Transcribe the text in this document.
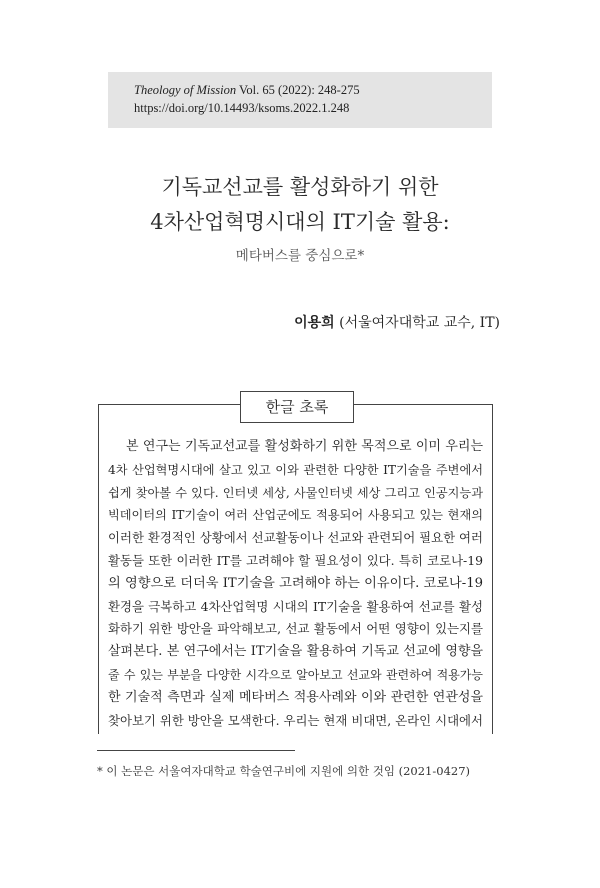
Theology of Mission Vol. 65 (2022): 248-275
https://doi.org/10.14493/ksoms.2022.1.248
기독교선교를 활성화하기 위한
4차산업혁명시대의 IT기술 활용:
메타버스를 중심으로*
이용희 (서울여자대학교 교수, IT)
한글 초록
본 연구는 기독교선교를 활성화하기 위한 목적으로 이미 우리는
4차 산업혁명시대에 살고 있고 이와 관련한 다양한 IT기술을 주변에서
쉽게 찾아볼 수 있다. 인터넷 세상, 사물인터넷 세상 그리고 인공지능과
빅데이터의 IT기술이 여러 산업군에도 적용되어 사용되고 있는 현재의
이러한 환경적인 상황에서 선교활동이나 선교와 관련되어 필요한 여러
활동들 또한 이러한 IT를 고려해야 할 필요성이 있다. 특히 코로나-19
의 영향으로 더더욱 IT기술을 고려해야 하는 이유이다. 코로나-19
환경을 극복하고 4차산업혁명 시대의 IT기술을 활용하여 선교를 활성
화하기 위한 방안을 파악해보고, 선교 활동에서 어떤 영향이 있는지를
살펴본다. 본 연구에서는 IT기술을 활용하여 기독교 선교에 영향을
줄 수 있는 부분을 다양한 시각으로 알아보고 선교와 관련하여 적용가능
한 기술적 측면과 실제 메타버스 적용사례와 이와 관련한 연관성을
찾아보기 위한 방안을 모색한다. 우리는 현재 비대면, 온라인 시대에서
* 이 논문은 서울여자대학교 학술연구비에 지원에 의한 것임 (2021-0427)
